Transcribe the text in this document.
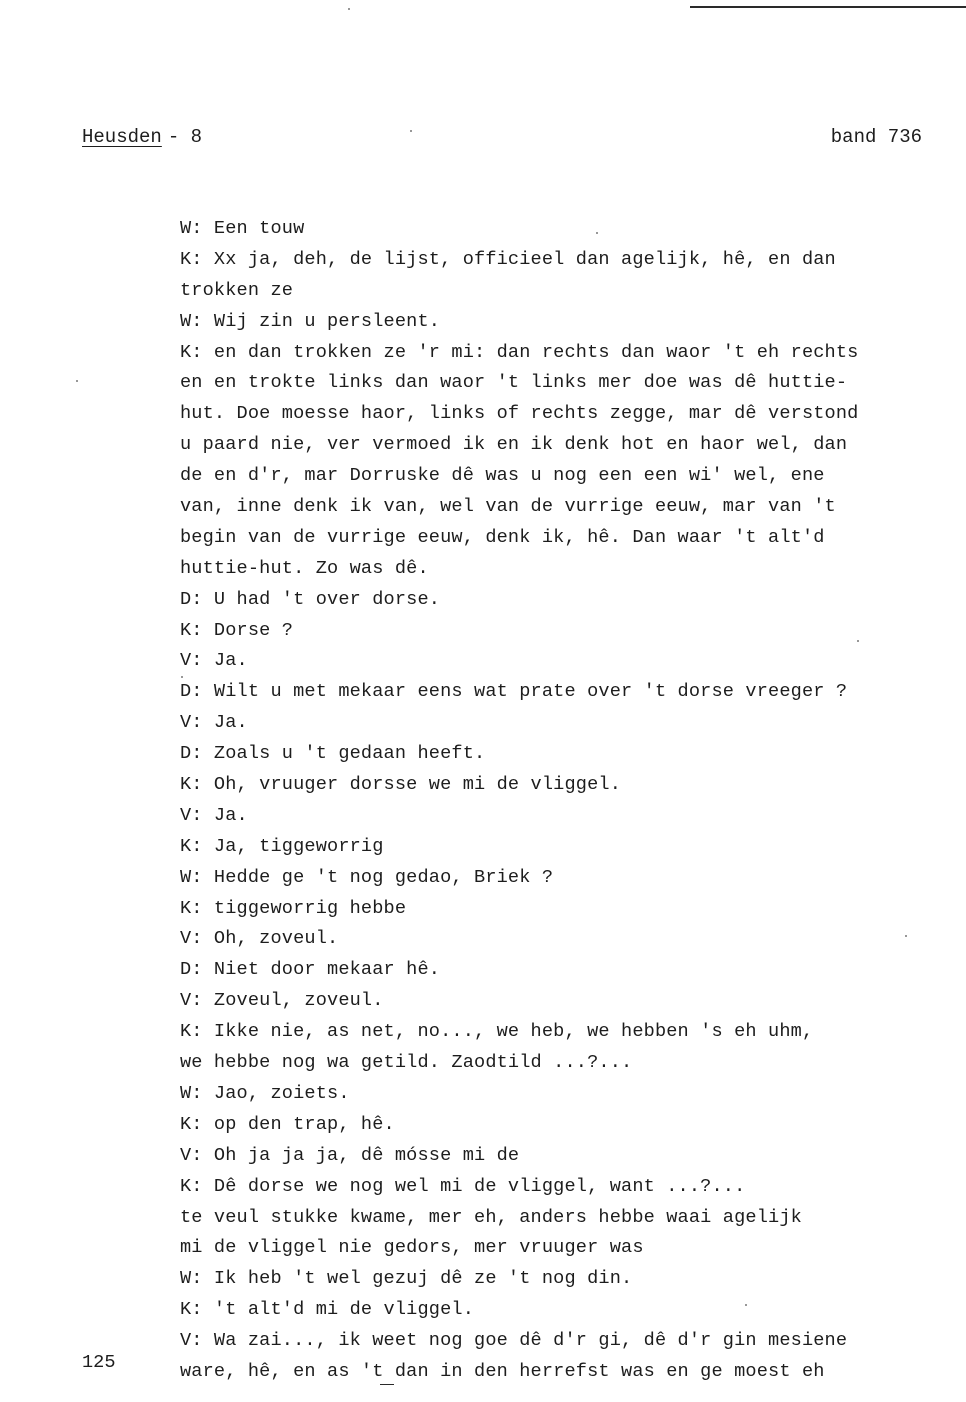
Heusden - 8	band 736
W: Een touw
K: Xx ja, deh, de lijst, officieel dan agelijk, hê, en dan
trokken ze
W: Wij zin u persleent.
K: en dan trokken ze 'r mi: dan rechts dan waor 't eh rechts
en en trokte links dan waor 't links mer doe was dê huttie-
hut. Doe moesse haor, links of rechts zegge, mar dê verstond
u paard nie, ver vermoed ik en ik denk hot en haor wel, dan
de en d'r, mar Dorruske dê was u nog een een wi' wel, ene
van, inne denk ik van, wel van de vurrige eeuw, mar van 't
begin van de vurrige eeuw, denk ik, hê. Dan waar 't alt'd
huttie-hut. Zo was dê.
D: U had 't over dorse.
K: Dorse ?
V: Ja.
D: Wilt u met mekaar eens wat prate over 't dorse vreeger ?
V: Ja.
D: Zoals u 't gedaan heeft.
K: Oh, vruuger dorsse we mi de vliggel.
V: Ja.
K: Ja, tiggeworrig
W: Hedde ge 't nog gedao, Briek ?
K: tiggeworrig hebbe
V: Oh, zoveul.
D: Niet door mekaar hê.
V: Zoveul, zoveul.
K: Ikke nie, as net, no..., we heb, we hebben 's eh uhm,
we hebbe nog wa getild. Zaodtild ...?...
W: Jao, zoiets.
K: op den trap, hê.
V: Oh ja ja ja, dê mósse mi de
K: Dê dorse we nog wel mi de vliggel, want ...?...
te veul stukke kwame, mer eh, anders hebbe waai agelijk
mi de vliggel nie gedors, mer vruuger was
W: Ik heb 't wel gezuj dê ze 't nog din.
K: 't alt'd mi de vliggel.
V: Wa zai..., ik weet nog goe dê d'r gi, dê d'r gin mesiene
ware, hê, en as 't dan in den herrefst was en ge moest eh
125
